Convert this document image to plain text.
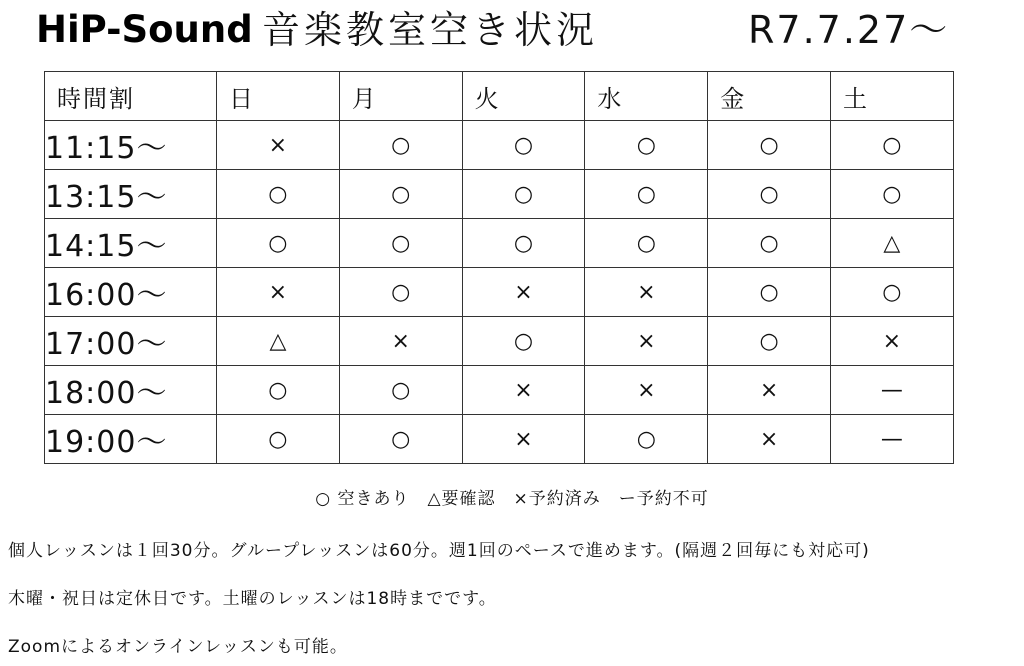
HiP-Sound 音楽教室空き状況	R7.7.27～
時間割	日	月	火	水	金	土
11:15～	×	○	○	○	○	○
13:15～	○	○	○	○	○	○
14:15～	○	○	○	○	○	△
16:00～	×	○	×	×	○	○
17:00～	△	×	○	×	○	×
18:00～	○	○	×	×	×	—
19:00～	○	○	×	○	×	—
○ 空きあり　△要確認　×予約済み　ー予約不可
個人レッスンは１回30分。グループレッスンは60分。週1回のペースで進めます。(隔週２回毎にも対応可)
木曜・祝日は定休日です。土曜のレッスンは18時までです。
Zoomによるオンラインレッスンも可能。
